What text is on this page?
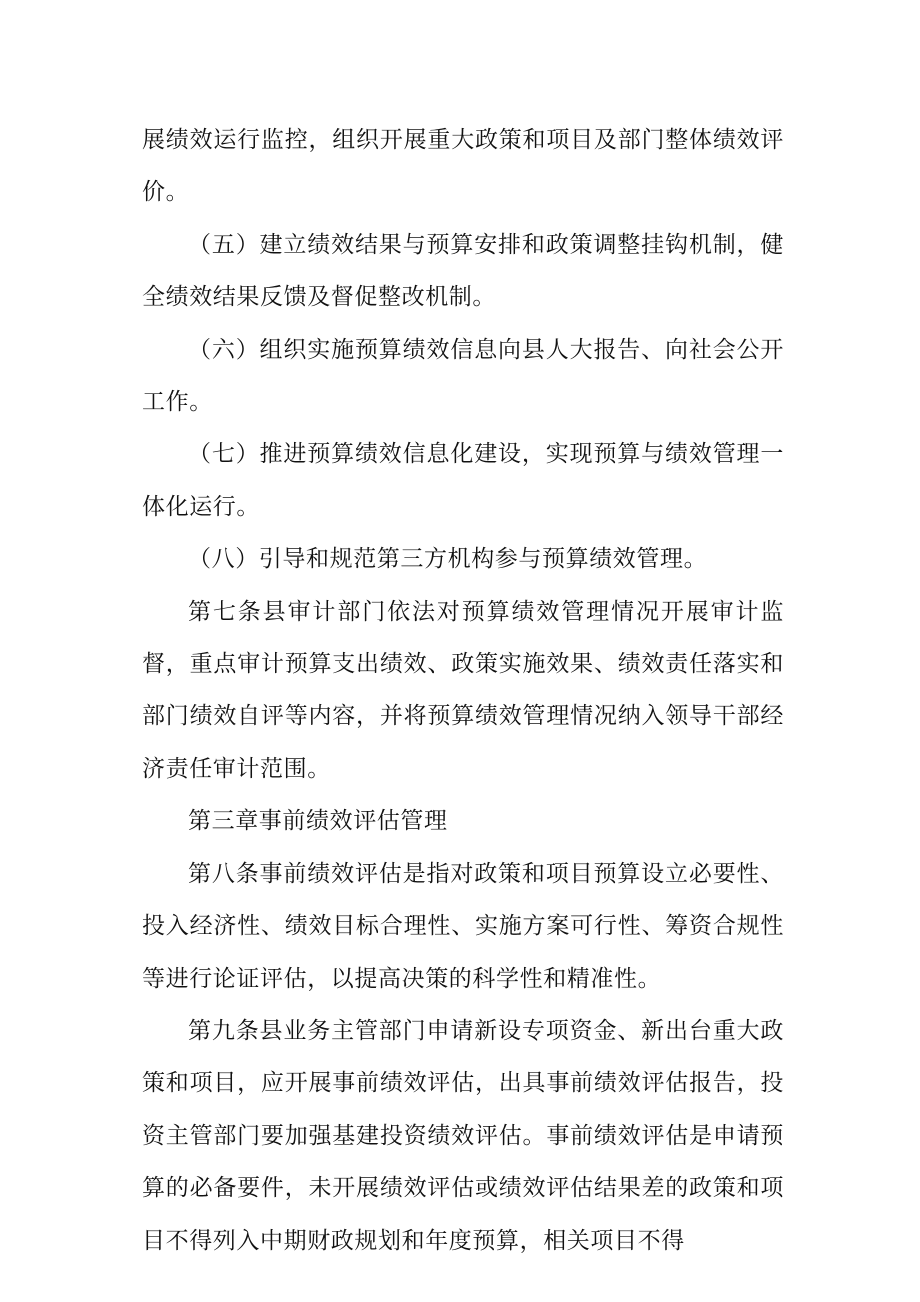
展绩效运行监控，组织开展重大政策和项目及部门整体绩效评价。

（五）建立绩效结果与预算安排和政策调整挂钩机制，健全绩效结果反馈及督促整改机制。

（六）组织实施预算绩效信息向县人大报告、向社会公开工作。

（七）推进预算绩效信息化建设，实现预算与绩效管理一体化运行。

（八）引导和规范第三方机构参与预算绩效管理。

第七条县审计部门依法对预算绩效管理情况开展审计监督，重点审计预算支出绩效、政策实施效果、绩效责任落实和部门绩效自评等内容，并将预算绩效管理情况纳入领导干部经济责任审计范围。

第三章事前绩效评估管理

第八条事前绩效评估是指对政策和项目预算设立必要性、投入经济性、绩效目标合理性、实施方案可行性、筹资合规性等进行论证评估，以提高决策的科学性和精准性。

第九条县业务主管部门申请新设专项资金、新出台重大政策和项目，应开展事前绩效评估，出具事前绩效评估报告，投资主管部门要加强基建投资绩效评估。事前绩效评估是申请预算的必备要件，未开展绩效评估或绩效评估结果差的政策和项目不得列入中期财政规划和年度预算，相关项目不得
